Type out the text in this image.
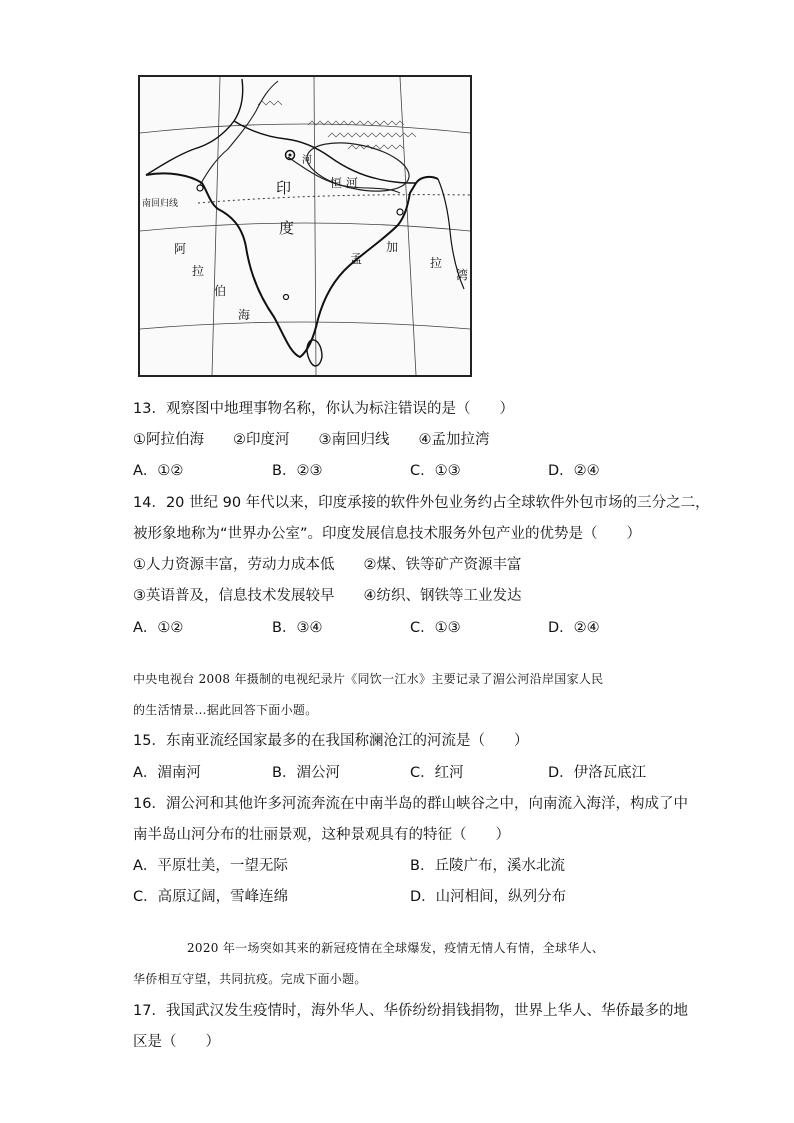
印
度
河
南回归线
恒 河
阿
拉
伯
海
孟
加
拉
湾
13．观察图中地理事物名称，你认为标注错误的是（　　）
①阿拉伯海　　②印度河　　③南回归线　　④孟加拉湾
A．①②	B．②③	C．①③	D．②④
14．20 世纪 90 年代以来，印度承接的软件外包业务约占全球软件外包市场的三分之二，
被形象地称为“世界办公室”。印度发展信息技术服务外包产业的优势是（　　）
①人力资源丰富，劳动力成本低　　②煤、铁等矿产资源丰富
③英语普及，信息技术发展较早　　④纺织、钢铁等工业发达
A．①②	B．③④	C．①③	D．②④
中央电视台 2008 年摄制的电视纪录片《同饮一江水》主要记录了湄公河沿岸国家人民
的生活情景…据此回答下面小题。
15．东南亚流经国家最多的在我国称澜沧江的河流是（　　）
A．湄南河	B．湄公河	C．红河	D．伊洛瓦底江
16．湄公河和其他许多河流奔流在中南半岛的群山峡谷之中，向南流入海洋，构成了中
南半岛山河分布的壮丽景观，这种景观具有的特征（　　）
A．平原壮美，一望无际	B．丘陵广布，溪水北流
C．高原辽阔，雪峰连绵	D．山河相间，纵列分布
2020 年一场突如其来的新冠疫情在全球爆发，疫情无情人有情，全球华人、
华侨相互守望，共同抗疫。完成下面小题。
17．我国武汉发生疫情时，海外华人、华侨纷纷捐钱捐物，世界上华人、华侨最多的地
区是（　　）
